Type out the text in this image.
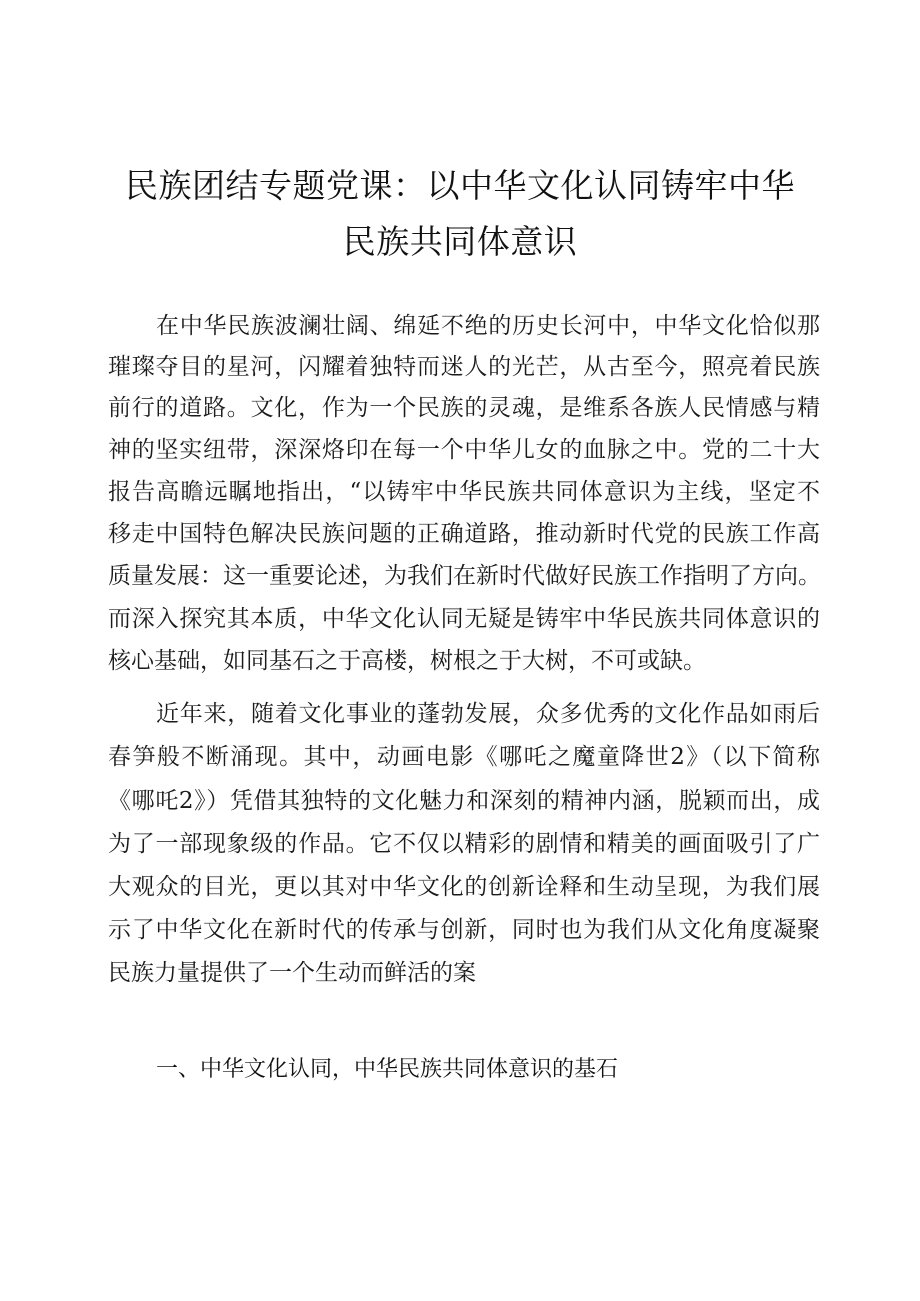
民族团结专题党课：以中华文化认同铸牢中华
民族共同体意识
在中华民族波澜壮阔、绵延不绝的历史长河中，中华文化恰似那
璀璨夺目的星河，闪耀着独特而迷人的光芒，从古至今，照亮着民族
前行的道路。文化，作为一个民族的灵魂，是维系各族人民情感与精
神的坚实纽带，深深烙印在每一个中华儿女的血脉之中。党的二十大
报告高瞻远瞩地指出，“以铸牢中华民族共同体意识为主线，坚定不
移走中国特色解决民族问题的正确道路，推动新时代党的民族工作高
质量发展：这一重要论述，为我们在新时代做好民族工作指明了方向。
而深入探究其本质，中华文化认同无疑是铸牢中华民族共同体意识的
核心基础，如同基石之于高楼，树根之于大树，不可或缺。
近年来，随着文化事业的蓬勃发展，众多优秀的文化作品如雨后
春笋般不断涌现。其中，动画电影《哪吒之魔童降世2》（以下简称
《哪吒2》）凭借其独特的文化魅力和深刻的精神内涵，脱颖而出，成
为了一部现象级的作品。它不仅以精彩的剧情和精美的画面吸引了广
大观众的目光，更以其对中华文化的创新诠释和生动呈现，为我们展
示了中华文化在新时代的传承与创新，同时也为我们从文化角度凝聚
民族力量提供了一个生动而鲜活的案
一、中华文化认同，中华民族共同体意识的基石
